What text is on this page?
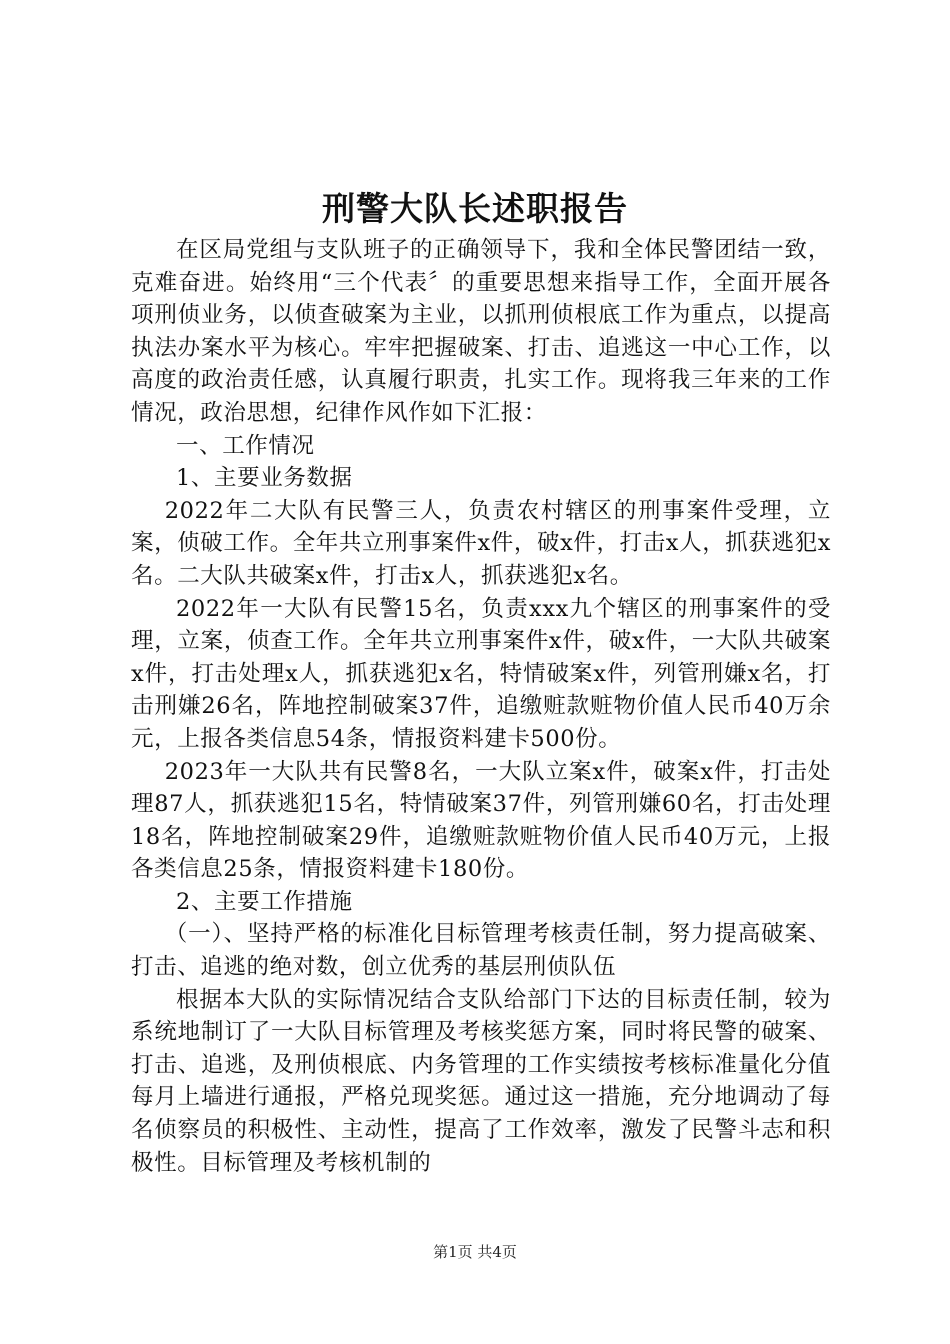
刑警大队长述职报告

在区局党组与支队班子的正确领导下，我和全体民警团结一致，克难奋进。始终用“三个代表〞的重要思想来指导工作，全面开展各项刑侦业务，以侦查破案为主业，以抓刑侦根底工作为重点，以提高执法办案水平为核心。牢牢把握破案、打击、追逃这一中心工作，以高度的政治责任感，认真履行职责，扎实工作。现将我三年来的工作情况，政治思想，纪律作风作如下汇报：

一、工作情况

1、主要业务数据

2022年二大队有民警三人，负责农村辖区的刑事案件受理，立案，侦破工作。全年共立刑事案件x件，破x件，打击x人，抓获逃犯x名。二大队共破案x件，打击x人，抓获逃犯x名。

2022年一大队有民警15名，负责xxx九个辖区的刑事案件的受理，立案，侦查工作。全年共立刑事案件x件，破x件，一大队共破案x件，打击处理x人，抓获逃犯x名，特情破案x件，列管刑嫌x名，打击刑嫌26名，阵地控制破案37件，追缴赃款赃物价值人民币40万余元，上报各类信息54条，情报资料建卡500份。

2023年一大队共有民警8名，一大队立案x件，破案x件，打击处理87人，抓获逃犯15名，特情破案37件，列管刑嫌60名，打击处理18名，阵地控制破案29件，追缴赃款赃物价值人民币40万元，上报各类信息25条，情报资料建卡180份。

2、主要工作措施

（一）、坚持严格的标准化目标管理考核责任制，努力提高破案、打击、追逃的绝对数，创立优秀的基层刑侦队伍

根据本大队的实际情况结合支队给部门下达的目标责任制，较为系统地制订了一大队目标管理及考核奖惩方案，同时将民警的破案、打击、追逃，及刑侦根底、内务管理的工作实绩按考核标准量化分值每月上墙进行通报，严格兑现奖惩。通过这一措施，充分地调动了每名侦察员的积极性、主动性，提高了工作效率，激发了民警斗志和积极性。目标管理及考核机制的

第1页 共4页
